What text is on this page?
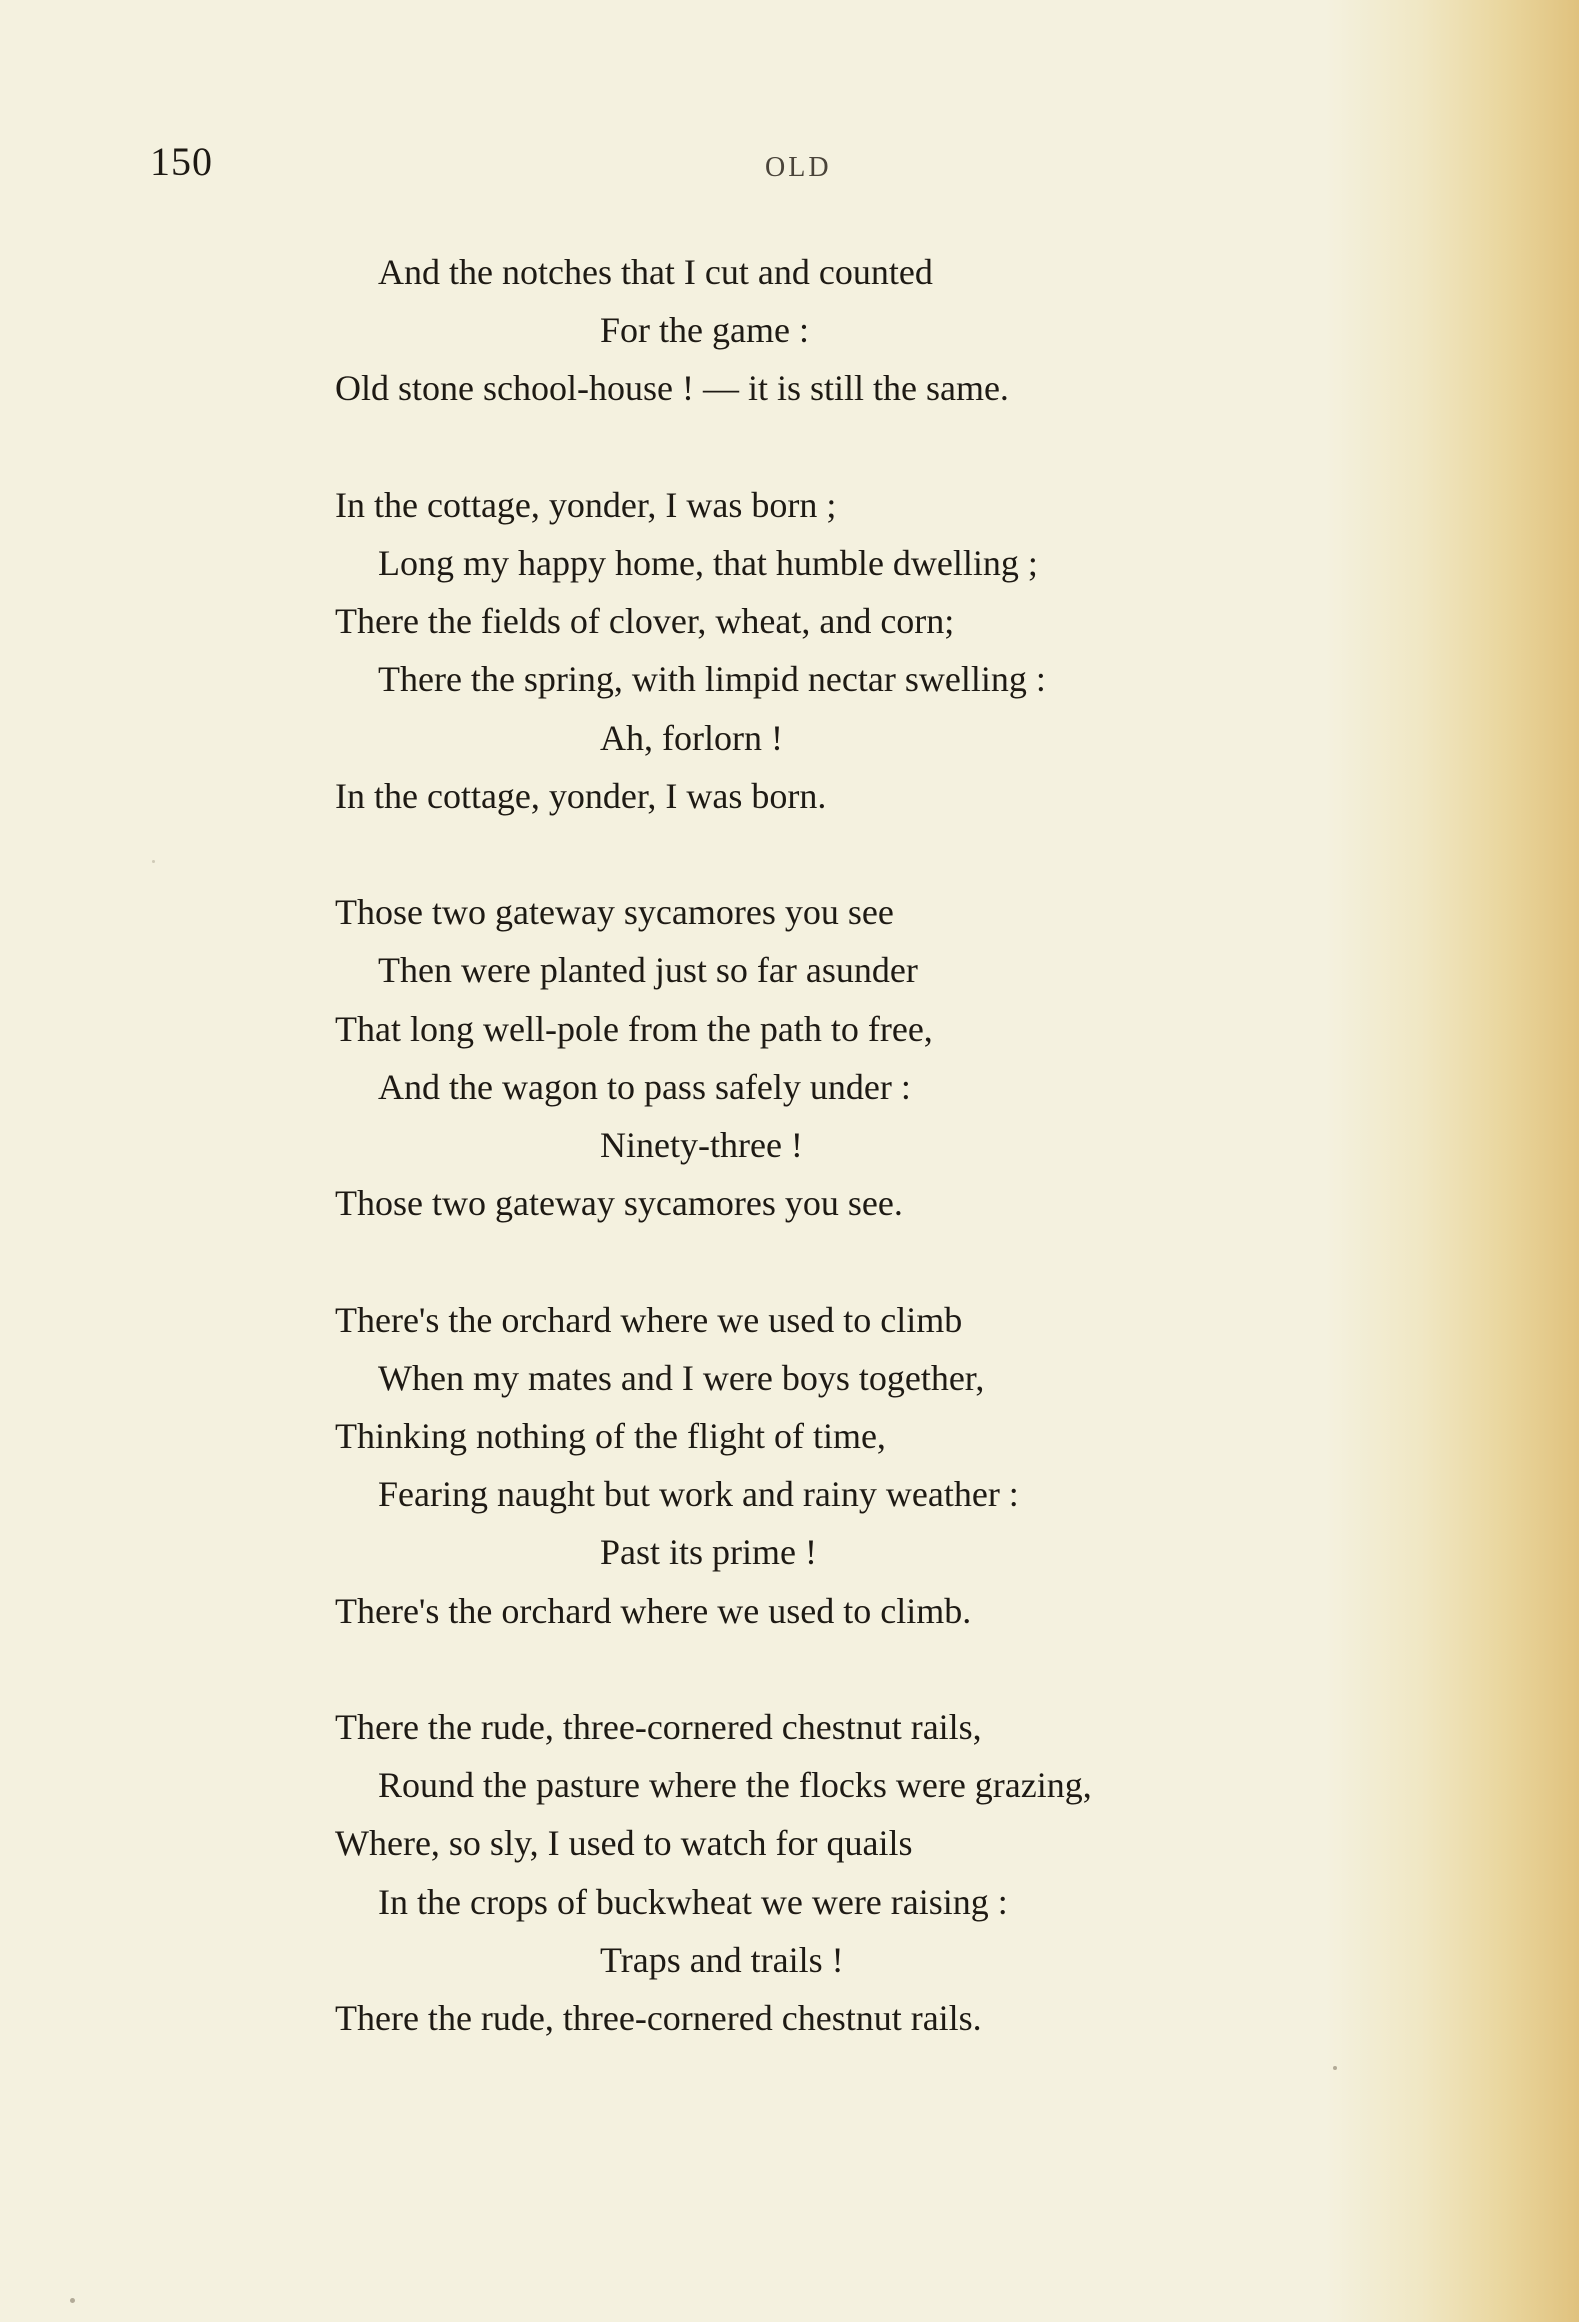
150	OLD
And the notches that I cut and counted
For the game :
Old stone school-house ! — it is still the same.
In the cottage, yonder, I was born ;
Long my happy home, that humble dwelling ;
There the fields of clover, wheat, and corn;
There the spring, with limpid nectar swelling :
Ah, forlorn !
In the cottage, yonder, I was born.
Those two gateway sycamores you see
Then were planted just so far asunder
That long well-pole from the path to free,
And the wagon to pass safely under :
Ninety-three !
Those two gateway sycamores you see.
There's the orchard where we used to climb
When my mates and I were boys together,
Thinking nothing of the flight of time,
Fearing naught but work and rainy weather :
Past its prime !
There's the orchard where we used to climb.
There the rude, three-cornered chestnut rails,
Round the pasture where the flocks were grazing,
Where, so sly, I used to watch for quails
In the crops of buckwheat we were raising :
Traps and trails !
There the rude, three-cornered chestnut rails.
